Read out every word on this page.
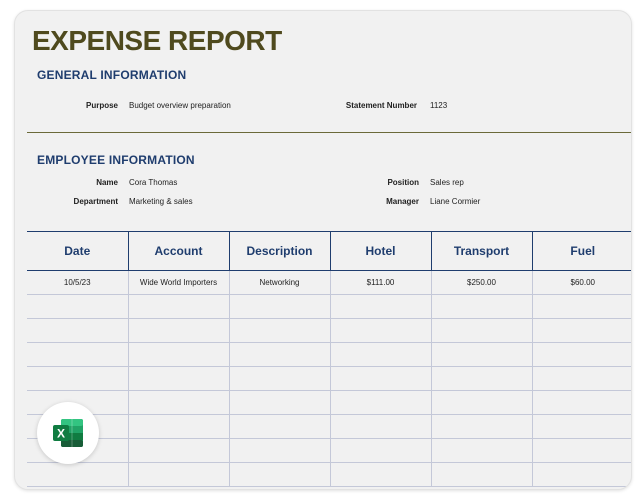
EXPENSE REPORT
GENERAL INFORMATION
Purpose Budget overview preparation	Statement Number 1123
EMPLOYEE INFORMATION
Name Cora Thomas	Position Sales rep
Department Marketing & sales	Manager Liane Cormier
Date	Account	Description	Hotel	Transport	Fuel
10/5/23	Wide World Importers	Networking	$111.00	$250.00	$60.00

X
